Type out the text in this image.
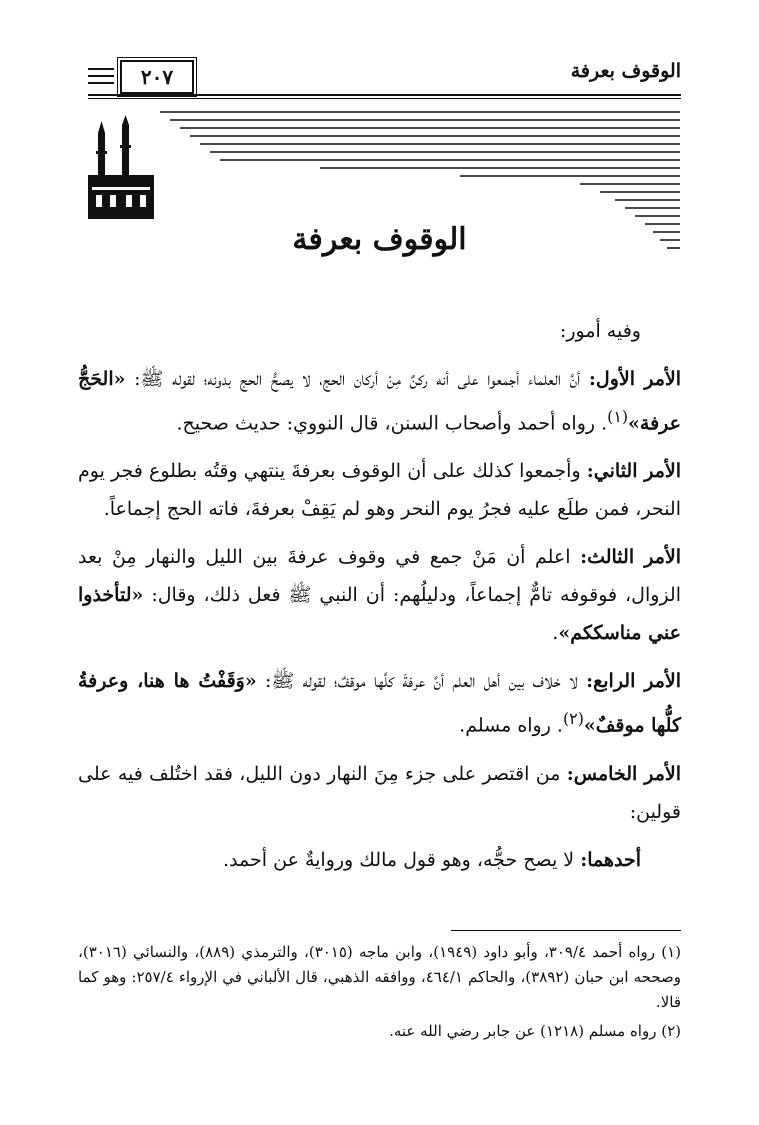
الوقوف بعرفة
٢٠٧
الوقوف بعرفة

وفيه أمور:

الأمر الأول: أنَّ العلماء أجمعوا على أنه ركنٌ مِنْ أركان الحج، لا يصحُّ الحج بدونه؛ لقوله ﷺ: «الحَجُّ عرفة»$^{(١)}$. رواه أحمد وأصحاب السنن، قال النووي: حديث صحيح.

الأمر الثاني: وأجمعوا كذلك على أن الوقوف بعرفةَ ينتهي وقتُه بطلوع فجر يوم النحر، فمن طلَع عليه فجرُ يوم النحر وهو لم يَقِفْ بعرفةَ، فاته الحج إجماعاً.

الأمر الثالث: اعلم أن مَنْ جمع في وقوف عرفةَ بين الليل والنهار مِنْ بعد الزوال، فوقوفه تامٌّ إجماعاً، ودليلُهم: أن النبي ﷺ فعل ذلك، وقال: «لتأخذوا عني مناسككم».

الأمر الرابع: لا خلاف بين أهل العلم أنَّ عرفةَ كلَّها موقفٌ؛ لقوله ﷺ: «وَقَفْتُ ها هنا، وعرفةُ كلُّها موقفٌ»$^{(٢)}$. رواه مسلم.

الأمر الخامس: من اقتصر على جزء مِنَ النهار دون الليل، فقد اختُلف فيه على قولين:

أحدهما: لا يصح حجُّه، وهو قول مالك وروايةٌ عن أحمد.

(١) رواه أحمد ٣٠٩/٤، وأبو داود (١٩٤٩)، وابن ماجه (٣٠١٥)، والترمذي (٨٨٩)، والنسائي (٣٠١٦)، وصححه ابن حبان (٣٨٩٢)، والحاكم ٤٦٤/١، ووافقه الذهبي، قال الألباني في الإرواء ٢٥٧/٤: وهو كما قالا.

(٢) رواه مسلم (١٢١٨) عن جابر رضي الله عنه.
